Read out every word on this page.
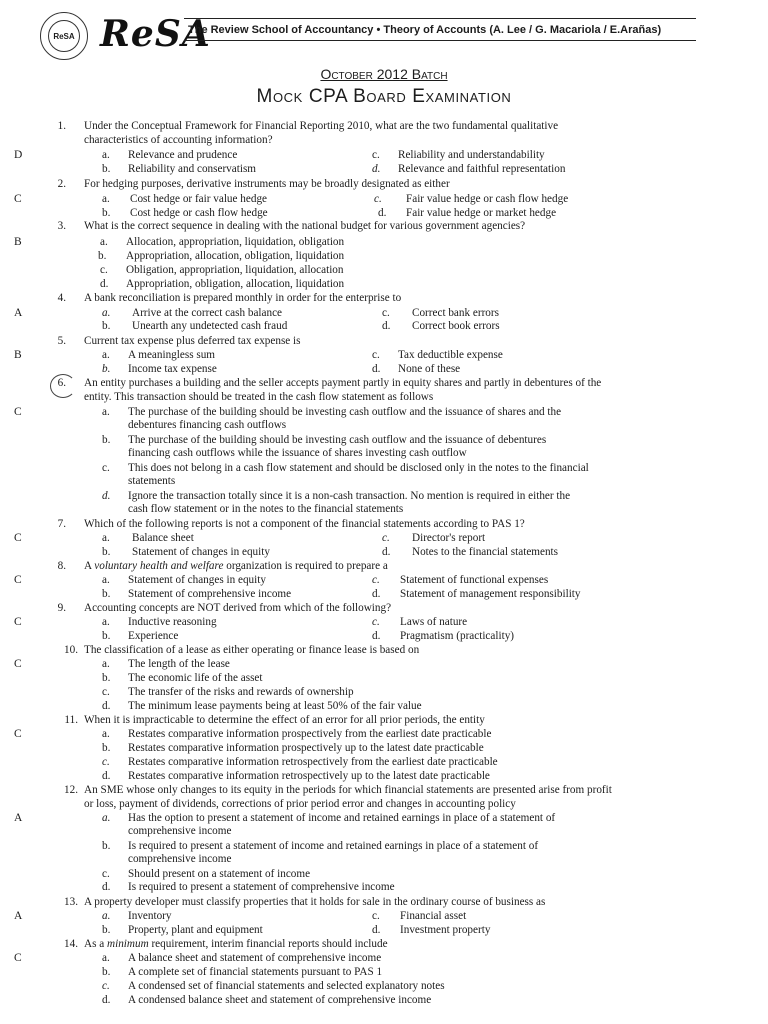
ReSA ReSA
The Review School of Accountancy • Theory of Accounts (A. Lee / G. Macariola / E.Arañas)
October 2012 Batch
Mock CPA Board Examination
1. Under the Conceptual Framework for Financial Reporting 2010, what are the two fundamental qualitative
characteristics of accounting information?
D	a. Relevance and prudence	c. Reliability and understandability
b. Reliability and conservatism	d. Relevance and faithful representation
2. For hedging purposes, derivative instruments may be broadly designated as either
C	a. Cost hedge or fair value hedge	c. Fair value hedge or cash flow hedge
b. Cost hedge or cash flow hedge	d. Fair value hedge or market hedge
3. What is the correct sequence in dealing with the national budget for various government agencies?
B	a. Allocation, appropriation, liquidation, obligation
b. Appropriation, allocation, obligation, liquidation
c. Obligation, appropriation, liquidation, allocation
d. Appropriation, obligation, allocation, liquidation
4. A bank reconciliation is prepared monthly in order for the enterprise to
A	a. Arrive at the correct cash balance	c. Correct bank errors
b. Unearth any undetected cash fraud	d. Correct book errors
5. Current tax expense plus deferred tax expense is
B	a. A meaningless sum	c. Tax deductible expense
b. Income tax expense	d. None of these
6. An entity purchases a building and the seller accepts payment partly in equity shares and partly in debentures of the
entity. This transaction should be treated in the cash flow statement as follows
C	a. The purchase of the building should be investing cash outflow and the issuance of shares and the
debentures financing cash outflows
b. The purchase of the building should be investing cash outflow and the issuance of debentures
financing cash outflows while the issuance of shares investing cash outflow
c. This does not belong in a cash flow statement and should be disclosed only in the notes to the financial
statements
d. Ignore the transaction totally since it is a non-cash transaction. No mention is required in either the
cash flow statement or in the notes to the financial statements
7. Which of the following reports is not a component of the financial statements according to PAS 1?
C	a. Balance sheet	c. Director's report
b. Statement of changes in equity	d. Notes to the financial statements
8. A voluntary health and welfare organization is required to prepare a
C	a. Statement of changes in equity	c. Statement of functional expenses
b. Statement of comprehensive income	d. Statement of management responsibility
9. Accounting concepts are NOT derived from which of the following?
C	a. Inductive reasoning	c. Laws of nature
b. Experience	d. Pragmatism (practicality)
10. The classification of a lease as either operating or finance lease is based on
C	a. The length of the lease
b. The economic life of the asset
c. The transfer of the risks and rewards of ownership
d. The minimum lease payments being at least 50% of the fair value
11. When it is impracticable to determine the effect of an error for all prior periods, the entity
C	a. Restates comparative information prospectively from the earliest date practicable
b. Restates comparative information prospectively up to the latest date practicable
c. Restates comparative information retrospectively from the earliest date practicable
d. Restates comparative information retrospectively up to the latest date practicable
12. An SME whose only changes to its equity in the periods for which financial statements are presented arise from profit
or loss, payment of dividends, corrections of prior period error and changes in accounting policy
A	a. Has the option to present a statement of income and retained earnings in place of a statement of
comprehensive income
b. Is required to present a statement of income and retained earnings in place of a statement of
comprehensive income
c. Should present on a statement of income
d. Is required to present a statement of comprehensive income
13. A property developer must classify properties that it holds for sale in the ordinary course of business as
A	a. Inventory	c. Financial asset
b. Property, plant and equipment	d. Investment property
14. As a minimum requirement, interim financial reports should include
C	a. A balance sheet and statement of comprehensive income
b. A complete set of financial statements pursuant to PAS 1
c. A condensed set of financial statements and selected explanatory notes
d. A condensed balance sheet and statement of comprehensive income
